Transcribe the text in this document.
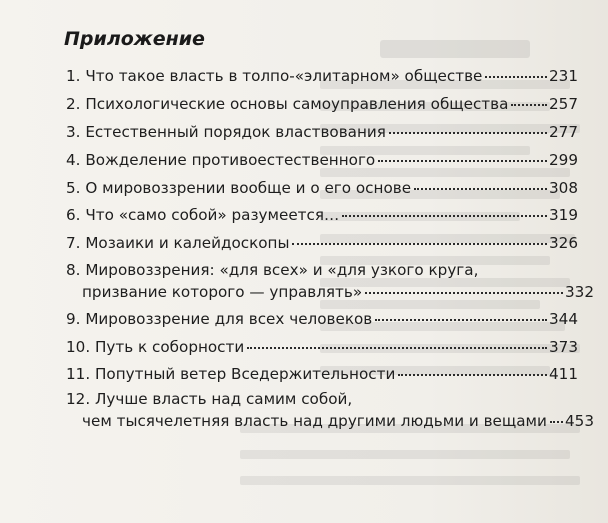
Приложение
1. Что такое власть в толпо-«элитарном» обществе	231
2. Психологические основы самоуправления общества	257
3. Естественный порядок властвования	277
4. Вожделение противоестественного	299
5. О мировоззрении вообще и о его основе	308
6. Что «само собой» разумеется…	319
7. Мозаики и калейдоскопы	326
8. Мировоззрения: «для всех» и «для узкого круга,
призвание которого — управлять»	332
9. Мировоззрение для всех человеков	344
10. Путь к соборности	373
11. Попутный ветер Вседержительности	411
12. Лучше власть над самим собой,
чем тысячелетняя власть над другими людьми и вещами 453
